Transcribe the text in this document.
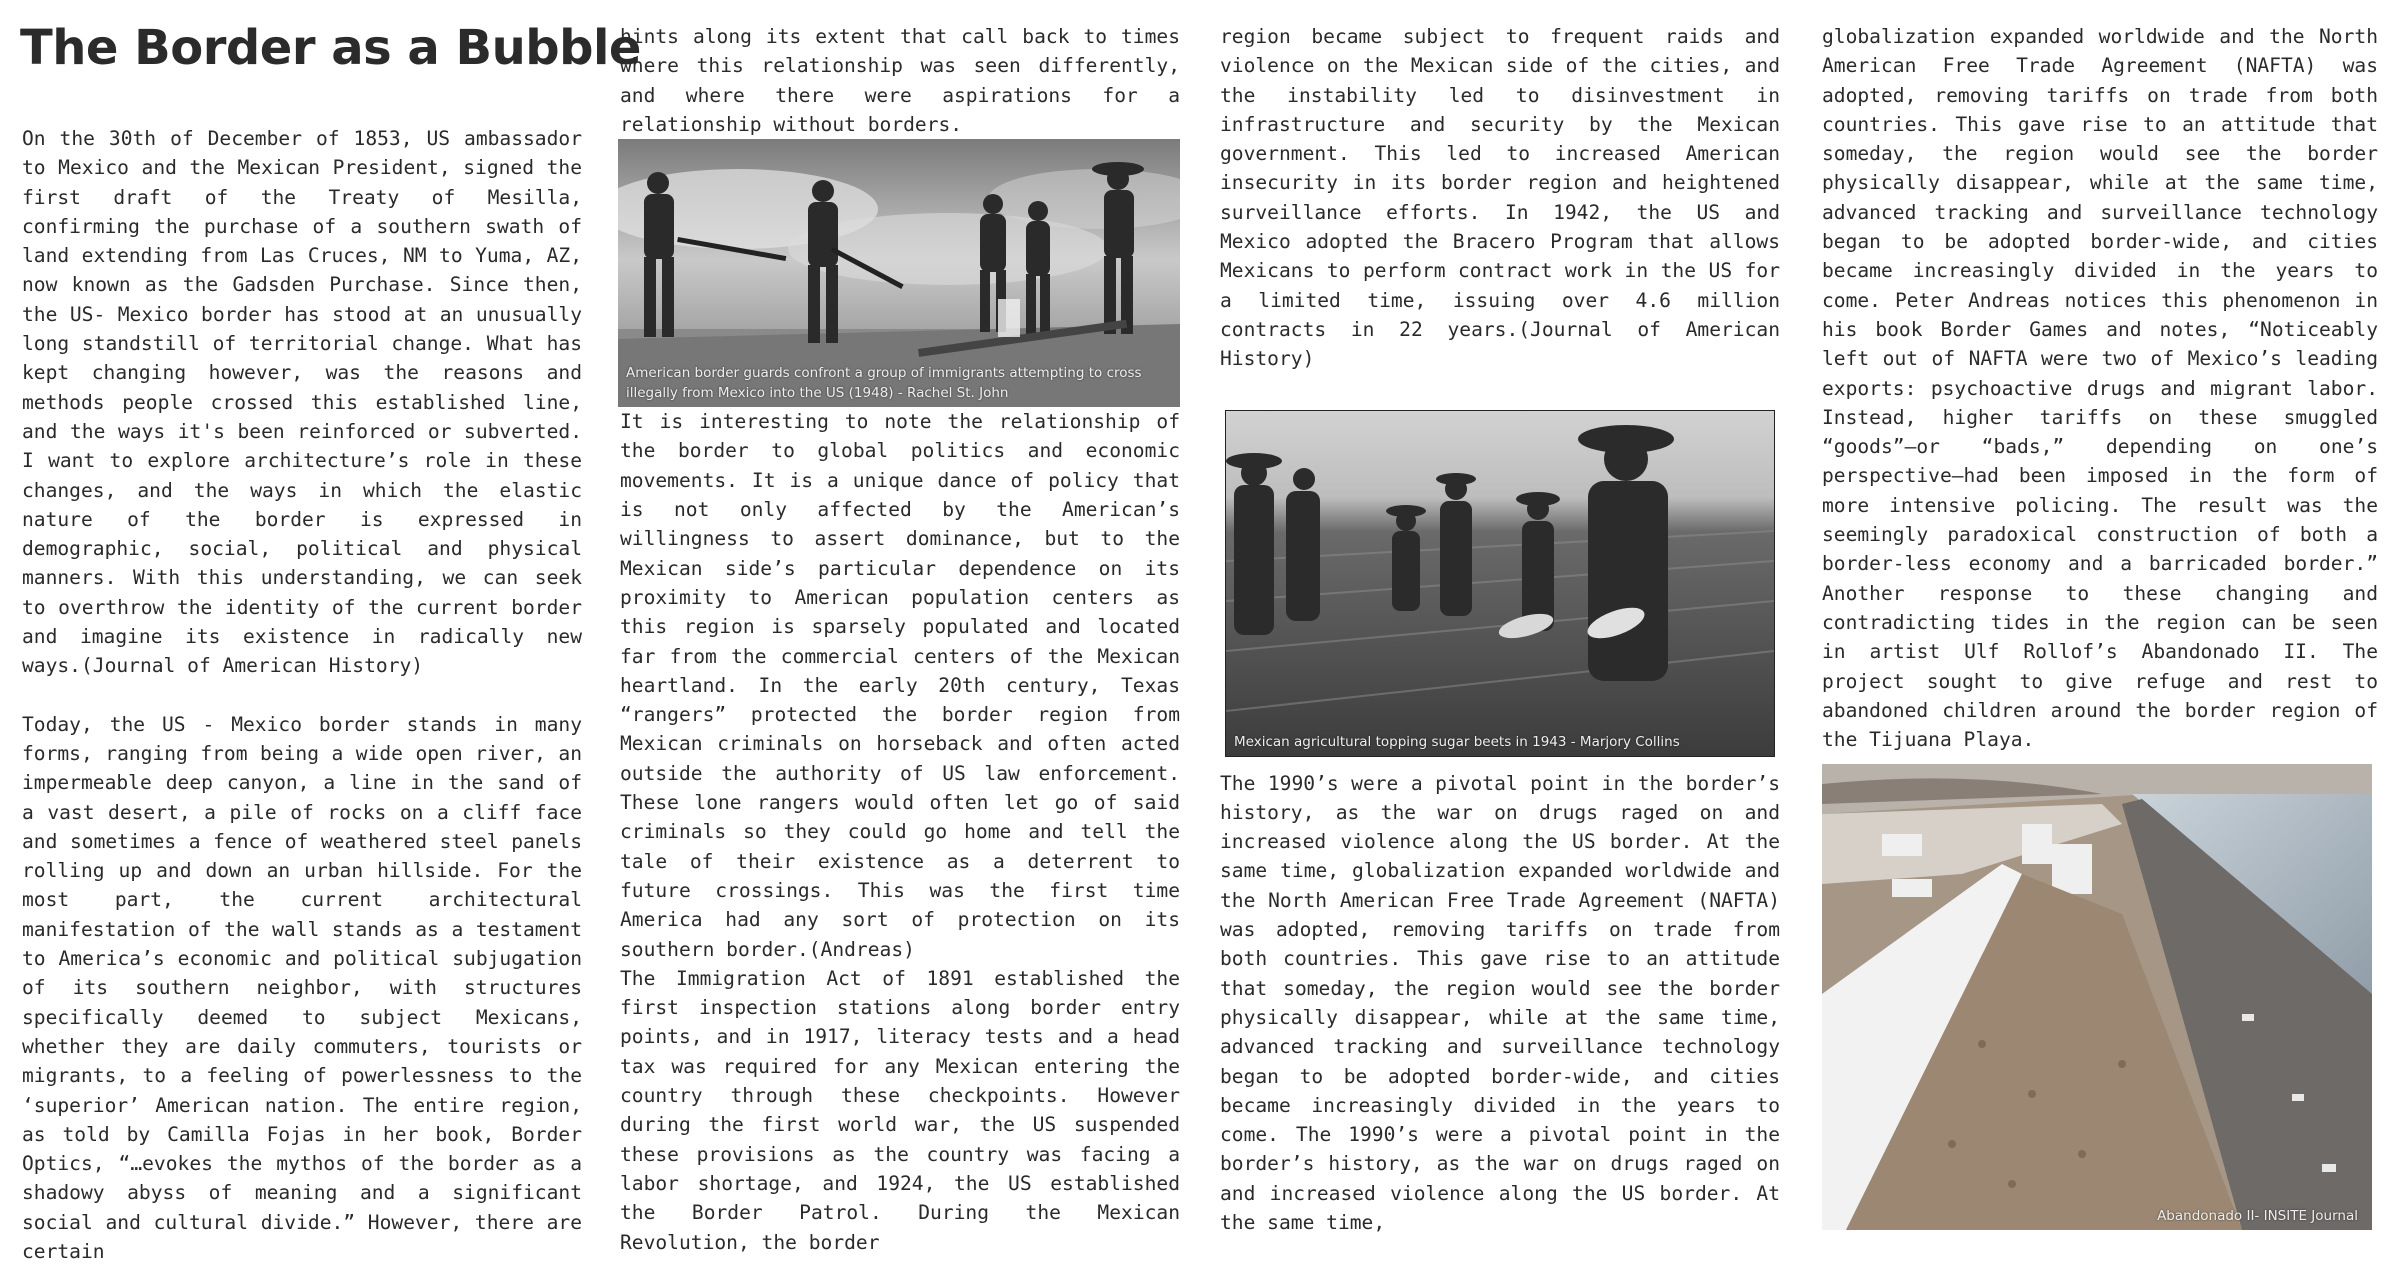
The Border as a Bubble

On the 30th of December of 1853, US ambassador to Mexico and the Mexican President, signed the first draft of the Treaty of Mesilla, confirming the purchase of a southern swath of land extending from Las Cruces, NM to Yuma, AZ, now known as the Gadsden Purchase. Since then, the US- Mexico border has stood at an unusually long standstill of territorial change. What has kept changing however, was the reasons and methods people crossed this established line, and the ways it's been reinforced or subverted. I want to explore architecture’s role in these changes, and the ways in which the elastic nature of the border is expressed in demographic, social, political and physical manners. With this understanding, we can seek to overthrow the identity of the current border and imagine its existence in radically new ways.(Journal of American History)

Today, the US - Mexico border stands in many forms, ranging from being a wide open river, an impermeable deep canyon, a line in the sand of a vast desert, a pile of rocks on a cliff face and sometimes a fence of weathered steel panels rolling up and down an urban hillside. For the most part, the current architectural manifestation of the wall stands as a testament to America’s economic and political subjugation of its southern neighbor, with structures specifically deemed to subject Mexicans, whether they are daily commuters, tourists or migrants, to a feeling of powerlessness to the ‘superior’ American nation. The entire region, as told by Camilla Fojas in her book, Border Optics, “…evokes the mythos of the border as a shadowy abyss of meaning and a significant social and cultural divide.” However, there are certain

hints along its extent that call back to times where this relationship was seen differently, and where there were aspirations for a relationship without borders.

American border guards confront a group of immigrants attempting to cross illegally from Mexico into the US (1948) - Rachel St. John

It is interesting to note the relationship of the border to global politics and economic movements. It is a unique dance of policy that is not only affected by the American’s willingness to assert dominance, but to the Mexican side’s particular dependence on its proximity to American population centers as this region is sparsely populated and located far from the commercial centers of the Mexican heartland. In the early 20th century, Texas “rangers” protected the border region from Mexican criminals on horseback and often acted outside the authority of US law enforcement. These lone rangers would often let go of said criminals so they could go home and tell the tale of their existence as a deterrent to future crossings. This was the first time America had any sort of protection on its southern border.(Andreas)

The Immigration Act of 1891 established the first inspection stations along border entry points, and in 1917, literacy tests and a head tax was required for any Mexican entering the country through these checkpoints. However during the first world war, the US suspended these provisions as the country was facing a labor shortage, and 1924, the US established the Border Patrol. During the Mexican Revolution, the border

region became subject to frequent raids and violence on the Mexican side of the cities, and the instability led to disinvestment in infrastructure and security by the Mexican government. This led to increased American insecurity in its border region and heightened surveillance efforts. In 1942, the US and Mexico adopted the Bracero Program that allows Mexicans to perform contract work in the US for a limited time, issuing over 4.6 million contracts in 22 years.(Journal of American History)

Mexican agricultural topping sugar beets in 1943 - Marjory Collins

The 1990’s were a pivotal point in the border’s history, as the war on drugs raged on and increased violence along the US border. At the same time, globalization expanded worldwide and the North American Free Trade Agreement (NAFTA) was adopted, removing tariffs on trade from both countries. This gave rise to an attitude that someday, the region would see the border physically disappear, while at the same time, advanced tracking and surveillance technology began to be adopted border-wide, and cities became increasingly divided in the years to come. The 1990’s were a pivotal point in the border’s history, as the war on drugs raged on and increased violence along the US border. At the same time,

globalization expanded worldwide and the North American Free Trade Agreement (NAFTA) was adopted, removing tariffs on trade from both countries. This gave rise to an attitude that someday, the region would see the border physically disappear, while at the same time, advanced tracking and surveillance technology began to be adopted border-wide, and cities became increasingly divided in the years to come. Peter Andreas notices this phenomenon in his book Border Games and notes, “Noticeably left out of NAFTA were two of Mexico’s leading exports: psychoactive drugs and migrant labor. Instead, higher tariffs on these smuggled “goods”—or “bads,” depending on one’s perspective—had been imposed in the form of more intensive policing. The result was the seemingly paradoxical construction of both a border-less economy and a barricaded border.” Another response to these changing and contradicting tides in the region can be seen in artist Ulf Rollof’s Abandonado II. The project sought to give refuge and rest to abandoned children around the border region of the Tijuana Playa.

Abandonado II- INSITE Journal
